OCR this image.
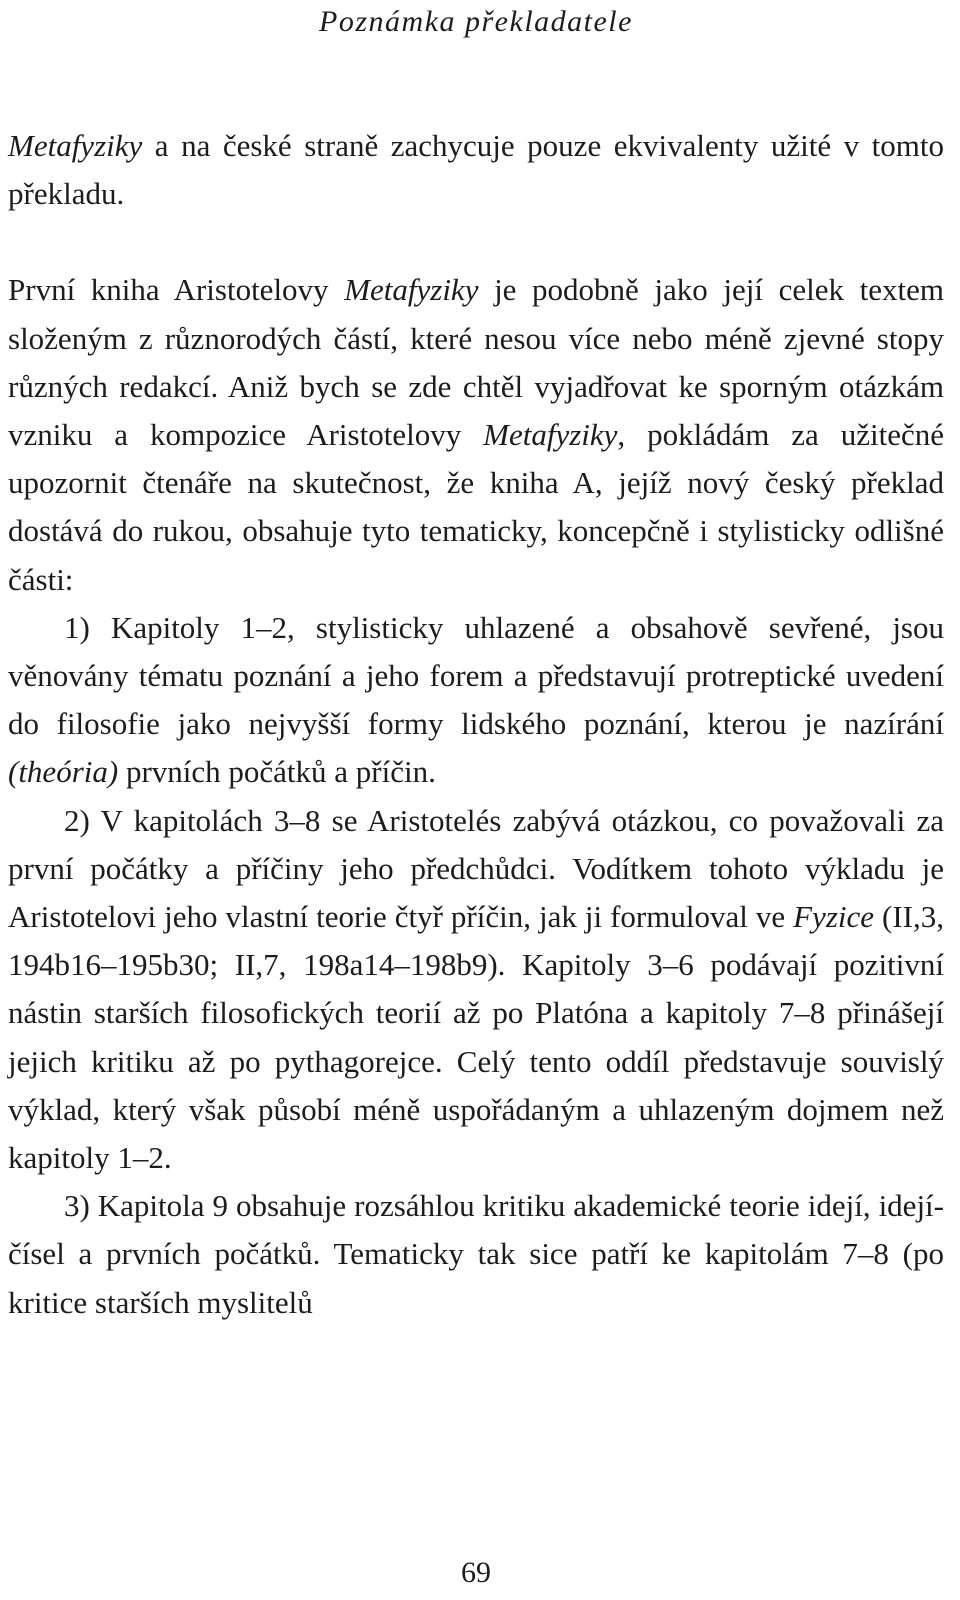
Poznámka překladatele

Metafyziky a na české straně zachycuje pouze ekvivalenty užité v tomto překladu.

První kniha Aristotelovy Metafyziky je podobně jako její celek textem složeným z různorodých částí, které nesou více nebo méně zjevné stopy různých redakcí. Aniž bych se zde chtěl vyjadřovat ke sporným otázkám vzniku a kompozice Aristotelovy Metafyziky, pokládám za užitečné upozornit čtenáře na skutečnost, že kniha A, jejíž nový český překlad dostává do rukou, obsahuje tyto tematicky, koncepčně i stylisticky odlišné části:

1) Kapitoly 1–2, stylisticky uhlazené a obsahově sevřené, jsou věnovány tématu poznání a jeho forem a představují protreptické uvedení do filosofie jako nejvyšší formy lidského poznání, kterou je nazírání (theória) prvních počátků a příčin.

2) V kapitolách 3–8 se Aristotelés zabývá otázkou, co považovali za první počátky a příčiny jeho předchůdci. Vodítkem tohoto výkladu je Aristotelovi jeho vlastní teorie čtyř příčin, jak ji formuloval ve Fyzice (II,3, 194b16–195b30; II,7, 198a14–198b9). Kapitoly 3–6 podávají pozitivní nástin starších filosofických teorií až po Platóna a kapitoly 7–8 přinášejí jejich kritiku až po pythagorejce. Celý tento oddíl představuje souvislý výklad, který však působí méně uspořádaným a uhlazeným dojmem než kapitoly 1–2.

3) Kapitola 9 obsahuje rozsáhlou kritiku akademické teorie idejí, idejí-čísel a prvních počátků. Tematicky tak sice patří ke kapitolám 7–8 (po kritice starších myslitelů

69
